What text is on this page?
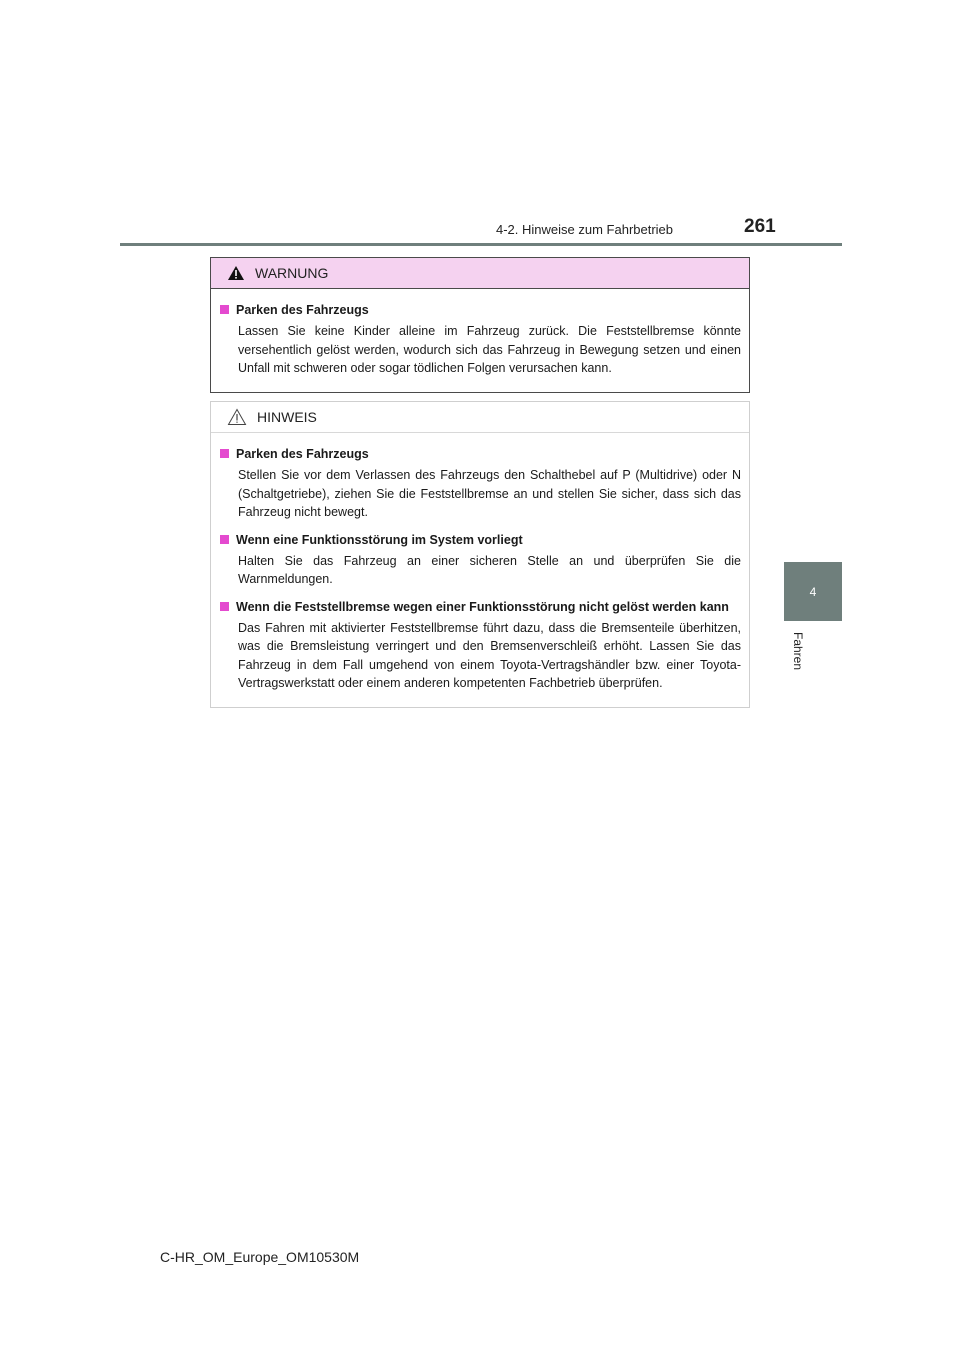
4-2. Hinweise zum Fahrbetrieb	261
4
Fahren
WARNUNG
Parken des Fahrzeugs
Lassen Sie keine Kinder alleine im Fahrzeug zurück. Die Feststellbremse könnte versehentlich gelöst werden, wodurch sich das Fahrzeug in Bewegung setzen und einen Unfall mit schweren oder sogar tödlichen Folgen verursachen kann.
HINWEIS
Parken des Fahrzeugs
Stellen Sie vor dem Verlassen des Fahrzeugs den Schalthebel auf P (Multidrive) oder N (Schaltgetriebe), ziehen Sie die Feststellbremse an und stellen Sie sicher, dass sich das Fahrzeug nicht bewegt.
Wenn eine Funktionsstörung im System vorliegt
Halten Sie das Fahrzeug an einer sicheren Stelle an und überprüfen Sie die Warnmeldungen.
Wenn die Feststellbremse wegen einer Funktionsstörung nicht gelöst werden kann
Das Fahren mit aktivierter Feststellbremse führt dazu, dass die Bremsenteile überhitzen, was die Bremsleistung verringert und den Bremsenverschleiß erhöht. Lassen Sie das Fahrzeug in dem Fall umgehend von einem Toyota-Vertragshändler bzw. einer Toyota-Vertragswerkstatt oder einem anderen kompetenten Fachbetrieb überprüfen.
C-HR_OM_Europe_OM10530M
